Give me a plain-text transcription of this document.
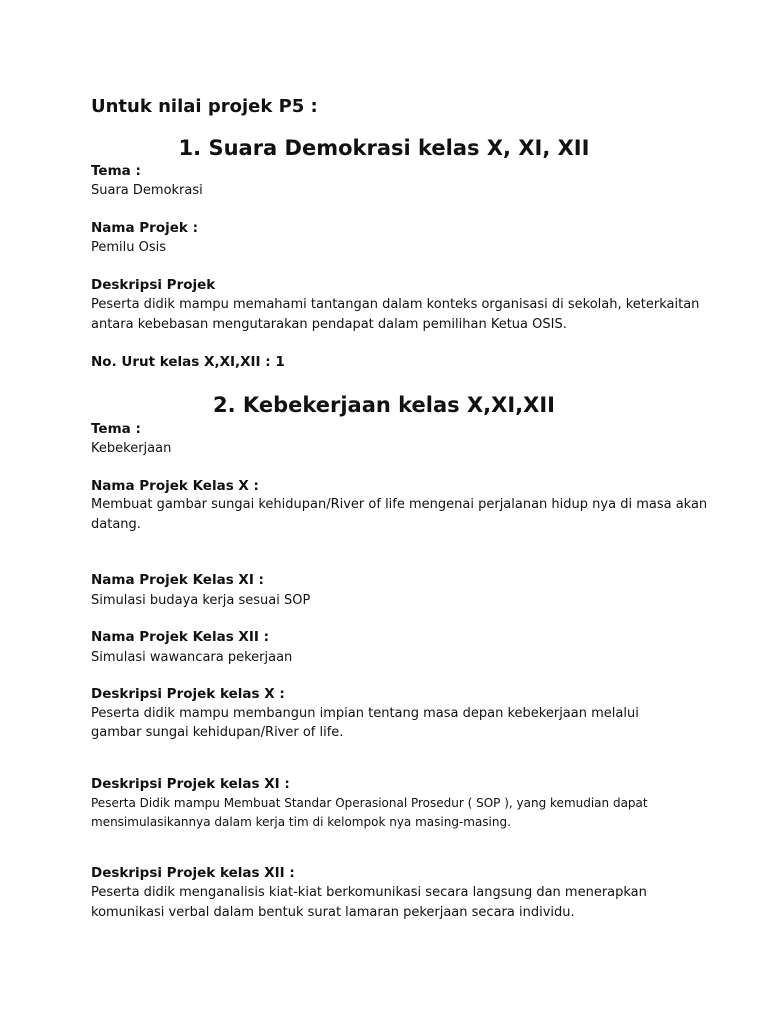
Untuk nilai projek P5 :

1. Suara Demokrasi kelas X, XI, XII

Tema :

Suara Demokrasi

Nama Projek :

Pemilu Osis

Deskripsi Projek

Peserta didik mampu memahami tantangan dalam konteks organisasi di sekolah, keterkaitan

antara kebebasan mengutarakan pendapat dalam pemilihan Ketua OSIS.

No. Urut kelas X,XI,XII : 1

2. Kebekerjaan kelas X,XI,XII

Tema :

Kebekerjaan

Nama Projek Kelas X :

Membuat gambar sungai kehidupan/River of life mengenai perjalanan hidup nya di masa akan

datang.

Nama Projek Kelas XI :

Simulasi budaya kerja sesuai SOP

Nama Projek Kelas XII :

Simulasi wawancara pekerjaan

Deskripsi Projek kelas X :

Peserta didik mampu membangun impian tentang masa depan kebekerjaan melalui

gambar sungai kehidupan/River of life.

Deskripsi Projek kelas XI :

Peserta Didik mampu Membuat Standar Operasional Prosedur ( SOP ), yang kemudian dapat

mensimulasikannya dalam kerja tim di kelompok nya masing-masing.

Deskripsi Projek kelas XII :

Peserta didik menganalisis kiat-kiat berkomunikasi secara langsung dan menerapkan

komunikasi verbal dalam bentuk surat lamaran pekerjaan secara individu.
